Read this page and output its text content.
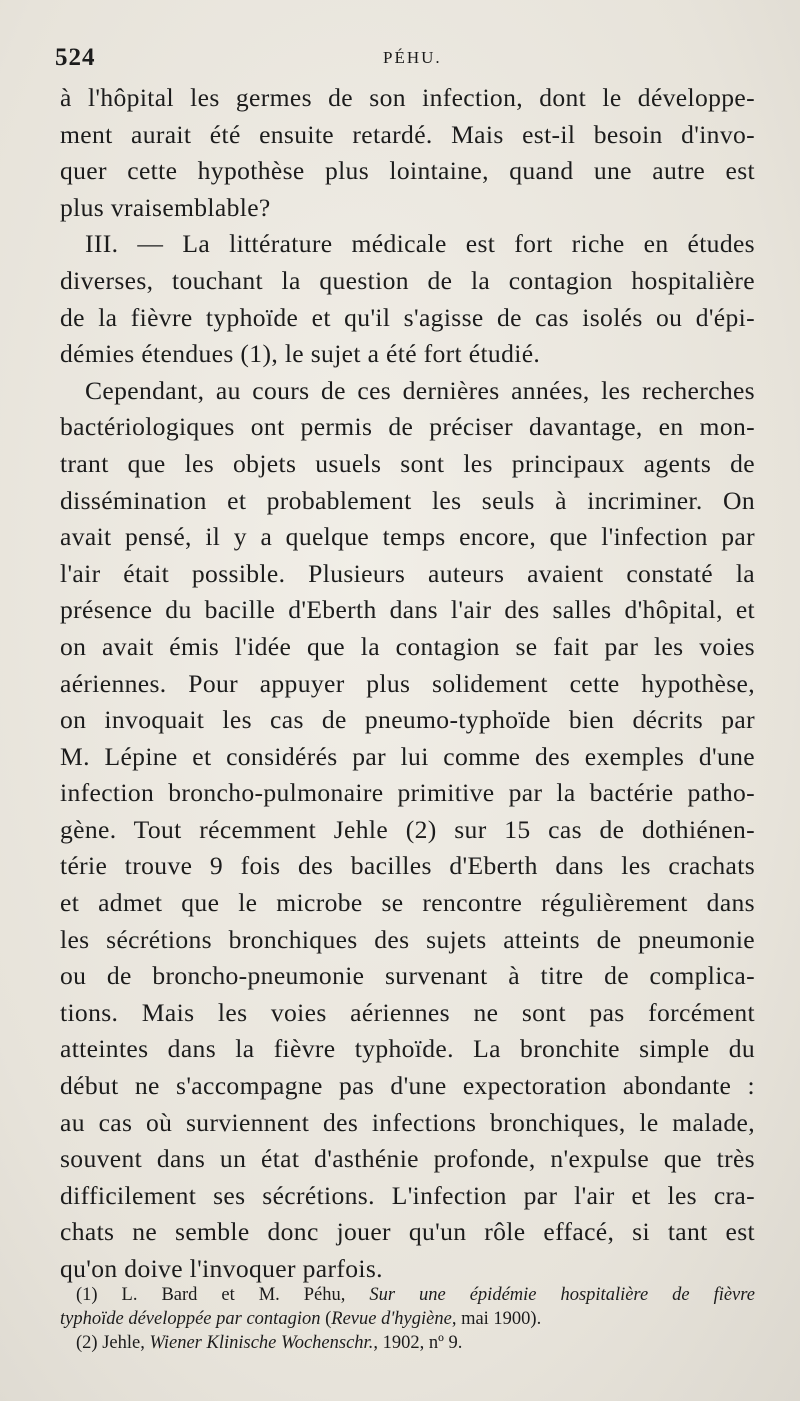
524	PÉHU.
à l'hôpital les germes de son infection, dont le développe-
ment aurait été ensuite retardé. Mais est-il besoin d'invo-
quer cette hypothèse plus lointaine, quand une autre est
plus vraisemblable?
III. — La littérature médicale est fort riche en études
diverses, touchant la question de la contagion hospitalière
de la fièvre typhoïde et qu'il s'agisse de cas isolés ou d'épi-
démies étendues (1), le sujet a été fort étudié.
Cependant, au cours de ces dernières années, les recherches
bactériologiques ont permis de préciser davantage, en mon-
trant que les objets usuels sont les principaux agents de
dissémination et probablement les seuls à incriminer. On
avait pensé, il y a quelque temps encore, que l'infection par
l'air était possible. Plusieurs auteurs avaient constaté la
présence du bacille d'Eberth dans l'air des salles d'hôpital, et
on avait émis l'idée que la contagion se fait par les voies
aériennes. Pour appuyer plus solidement cette hypothèse,
on invoquait les cas de pneumo-typhoïde bien décrits par
M. Lépine et considérés par lui comme des exemples d'une
infection broncho-pulmonaire primitive par la bactérie patho-
gène. Tout récemment Jehle (2) sur 15 cas de dothiénen-
térie trouve 9 fois des bacilles d'Eberth dans les crachats
et admet que le microbe se rencontre régulièrement dans
les sécrétions bronchiques des sujets atteints de pneumonie
ou de broncho-pneumonie survenant à titre de complica-
tions. Mais les voies aériennes ne sont pas forcément
atteintes dans la fièvre typhoïde. La bronchite simple du
début ne s'accompagne pas d'une expectoration abondante :
au cas où surviennent des infections bronchiques, le malade,
souvent dans un état d'asthénie profonde, n'expulse que très
difficilement ses sécrétions. L'infection par l'air et les cra-
chats ne semble donc jouer qu'un rôle effacé, si tant est
qu'on doive l'invoquer parfois.
(1) L. Bard et M. Péhu, Sur une épidémie hospitalière de fièvre
typhoïde développée par contagion (Revue d'hygiène, mai 1900).
(2) Jehle, Wiener Klinische Wochenschr., 1902, nº 9.
